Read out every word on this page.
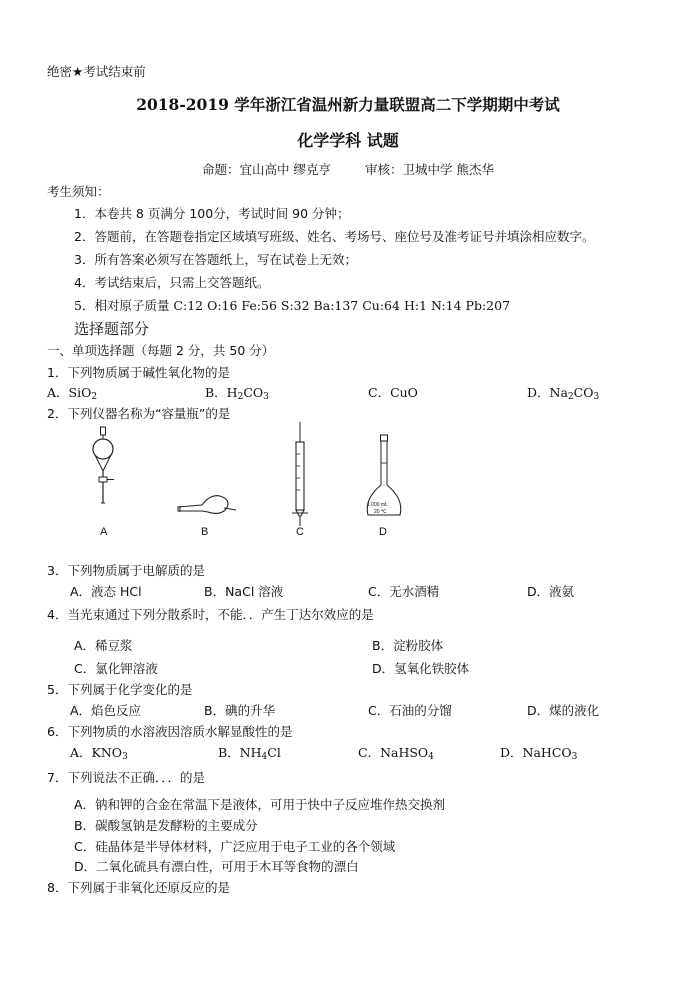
绝密★考试结束前
2018-2019 学年浙江省温州新力量联盟高二下学期期中考试
化学学科 试题
命题：宜山高中 缪克亨	审核：卫城中学 熊杰华
考生须知：
1．本卷共 8 页满分 100分，考试时间 90 分钟；
2．答题前，在答题卷指定区域填写班级、姓名、考场号、座位号及准考证号并填涂相应数字。
3．所有答案必须写在答题纸上，写在试卷上无效；
4．考试结束后，只需上交答题纸。
5．相对原子质量 C:12 O:16 Fe:56 S:32 Ba:137 Cu:64 H:1 N:14 Pb:207
选择题部分
一、单项选择题（每题 2 分，共 50 分）
1．下列物质属于碱性氧化物的是
A．SiO$_2$	B．$H_2CO_3$	C．CuO	D．$Na_2CO_3$
2．下列仪器名称为“容量瓶”的是
A	B	C
1 000 mL
20 ℃
D
3．下列物质属于电解质的是
A．液态 HCl	B．NaCl 溶液	C．无水酒精	D．液氨
4．当光束通过下列分散系时，不能．．产生丁达尔效应的是
A．稀豆浆	B．淀粉胶体
C．氯化钾溶液	D．氢氧化铁胶体
5．下列属于化学变化的是
A．焰色反应	B．碘的升华	C．石油的分馏	D．煤的液化
6．下列物质的水溶液因溶质水解显酸性的是
A．$KNO_3$	B．$NH_4Cl$	C．NaHSO$_4$	D．NaHCO$_3$
7．下列说法不正确．．．的是
A．钠和钾的合金在常温下是液体，可用于快中子反应堆作热交换剂
B．碳酸氢钠是发酵粉的主要成分
C．硅晶体是半导体材料，广泛应用于电子工业的各个领域
D．二氧化硫具有漂白性，可用于木耳等食物的漂白
8．下列属于非氧化还原反应的是
